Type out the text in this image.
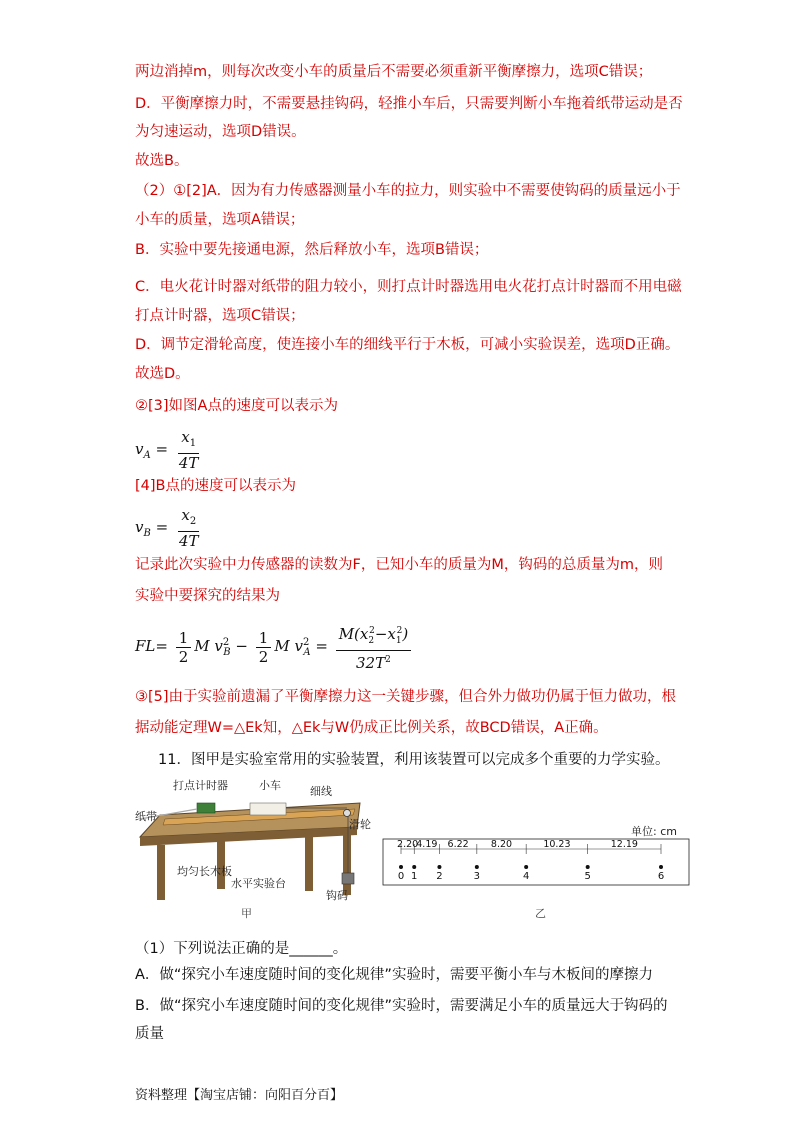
两边消掉m，则每次改变小车的质量后不需要必须重新平衡摩擦力，选项C错误；
D．平衡摩擦力时，不需要悬挂钩码，轻推小车后，只需要判断小车拖着纸带运动是否
为匀速运动，选项D错误。
故选B。
（2）①[2]A．因为有力传感器测量小车的拉力，则实验中不需要使钩码的质量远小于
小车的质量，选项A错误；
B．实验中要先接通电源，然后释放小车，选项B错误；
C．电火花计时器对纸带的阻力较小，则打点计时器选用电火花打点计时器而不用电磁
打点计时器，选项C错误；
D．调节定滑轮高度，使连接小车的细线平行于木板，可减小实验误差，选项D正确。
故选D。
②[3]如图A点的速度可以表示为
$v_A = \frac{x_1}{4T}$
[4]B点的速度可以表示为
$v_B = \frac{x_2}{4T}$
记录此次实验中力传感器的读数为F，已知小车的质量为M，钩码的总质量为m，则
实验中要探究的结果为
$FL= \frac{1}{2}$ M $v^2_B - \frac{1}{2}$ M $v^2_A = \frac{M(x_2^2-x_1^2)}{32T^2}$
③[5]由于实验前遗漏了平衡摩擦力这一关键步骤，但合外力做功仍属于恒力做功，根
据动能定理W=△Ek知，△Ek与W仍成正比例关系，故BCD错误，A正确。
11．图甲是实验室常用的实验装置，利用该装置可以完成多个重要的力学实验。
打点计时器	小车	细线
纸带
滑轮
均匀长木板
水平实验台
钩码
甲
0 1 2	3	4	5	6
2.20
4.19 6.22 8.20	10.23	12.19
单位: cm
乙
（1）下列说法正确的是______。
A．做“探究小车速度随时间的变化规律”实验时，需要平衡小车与木板间的摩擦力
B．做“探究小车速度随时间的变化规律”实验时，需要满足小车的质量远大于钩码的
质量
资料整理【淘宝店铺：向阳百分百】
